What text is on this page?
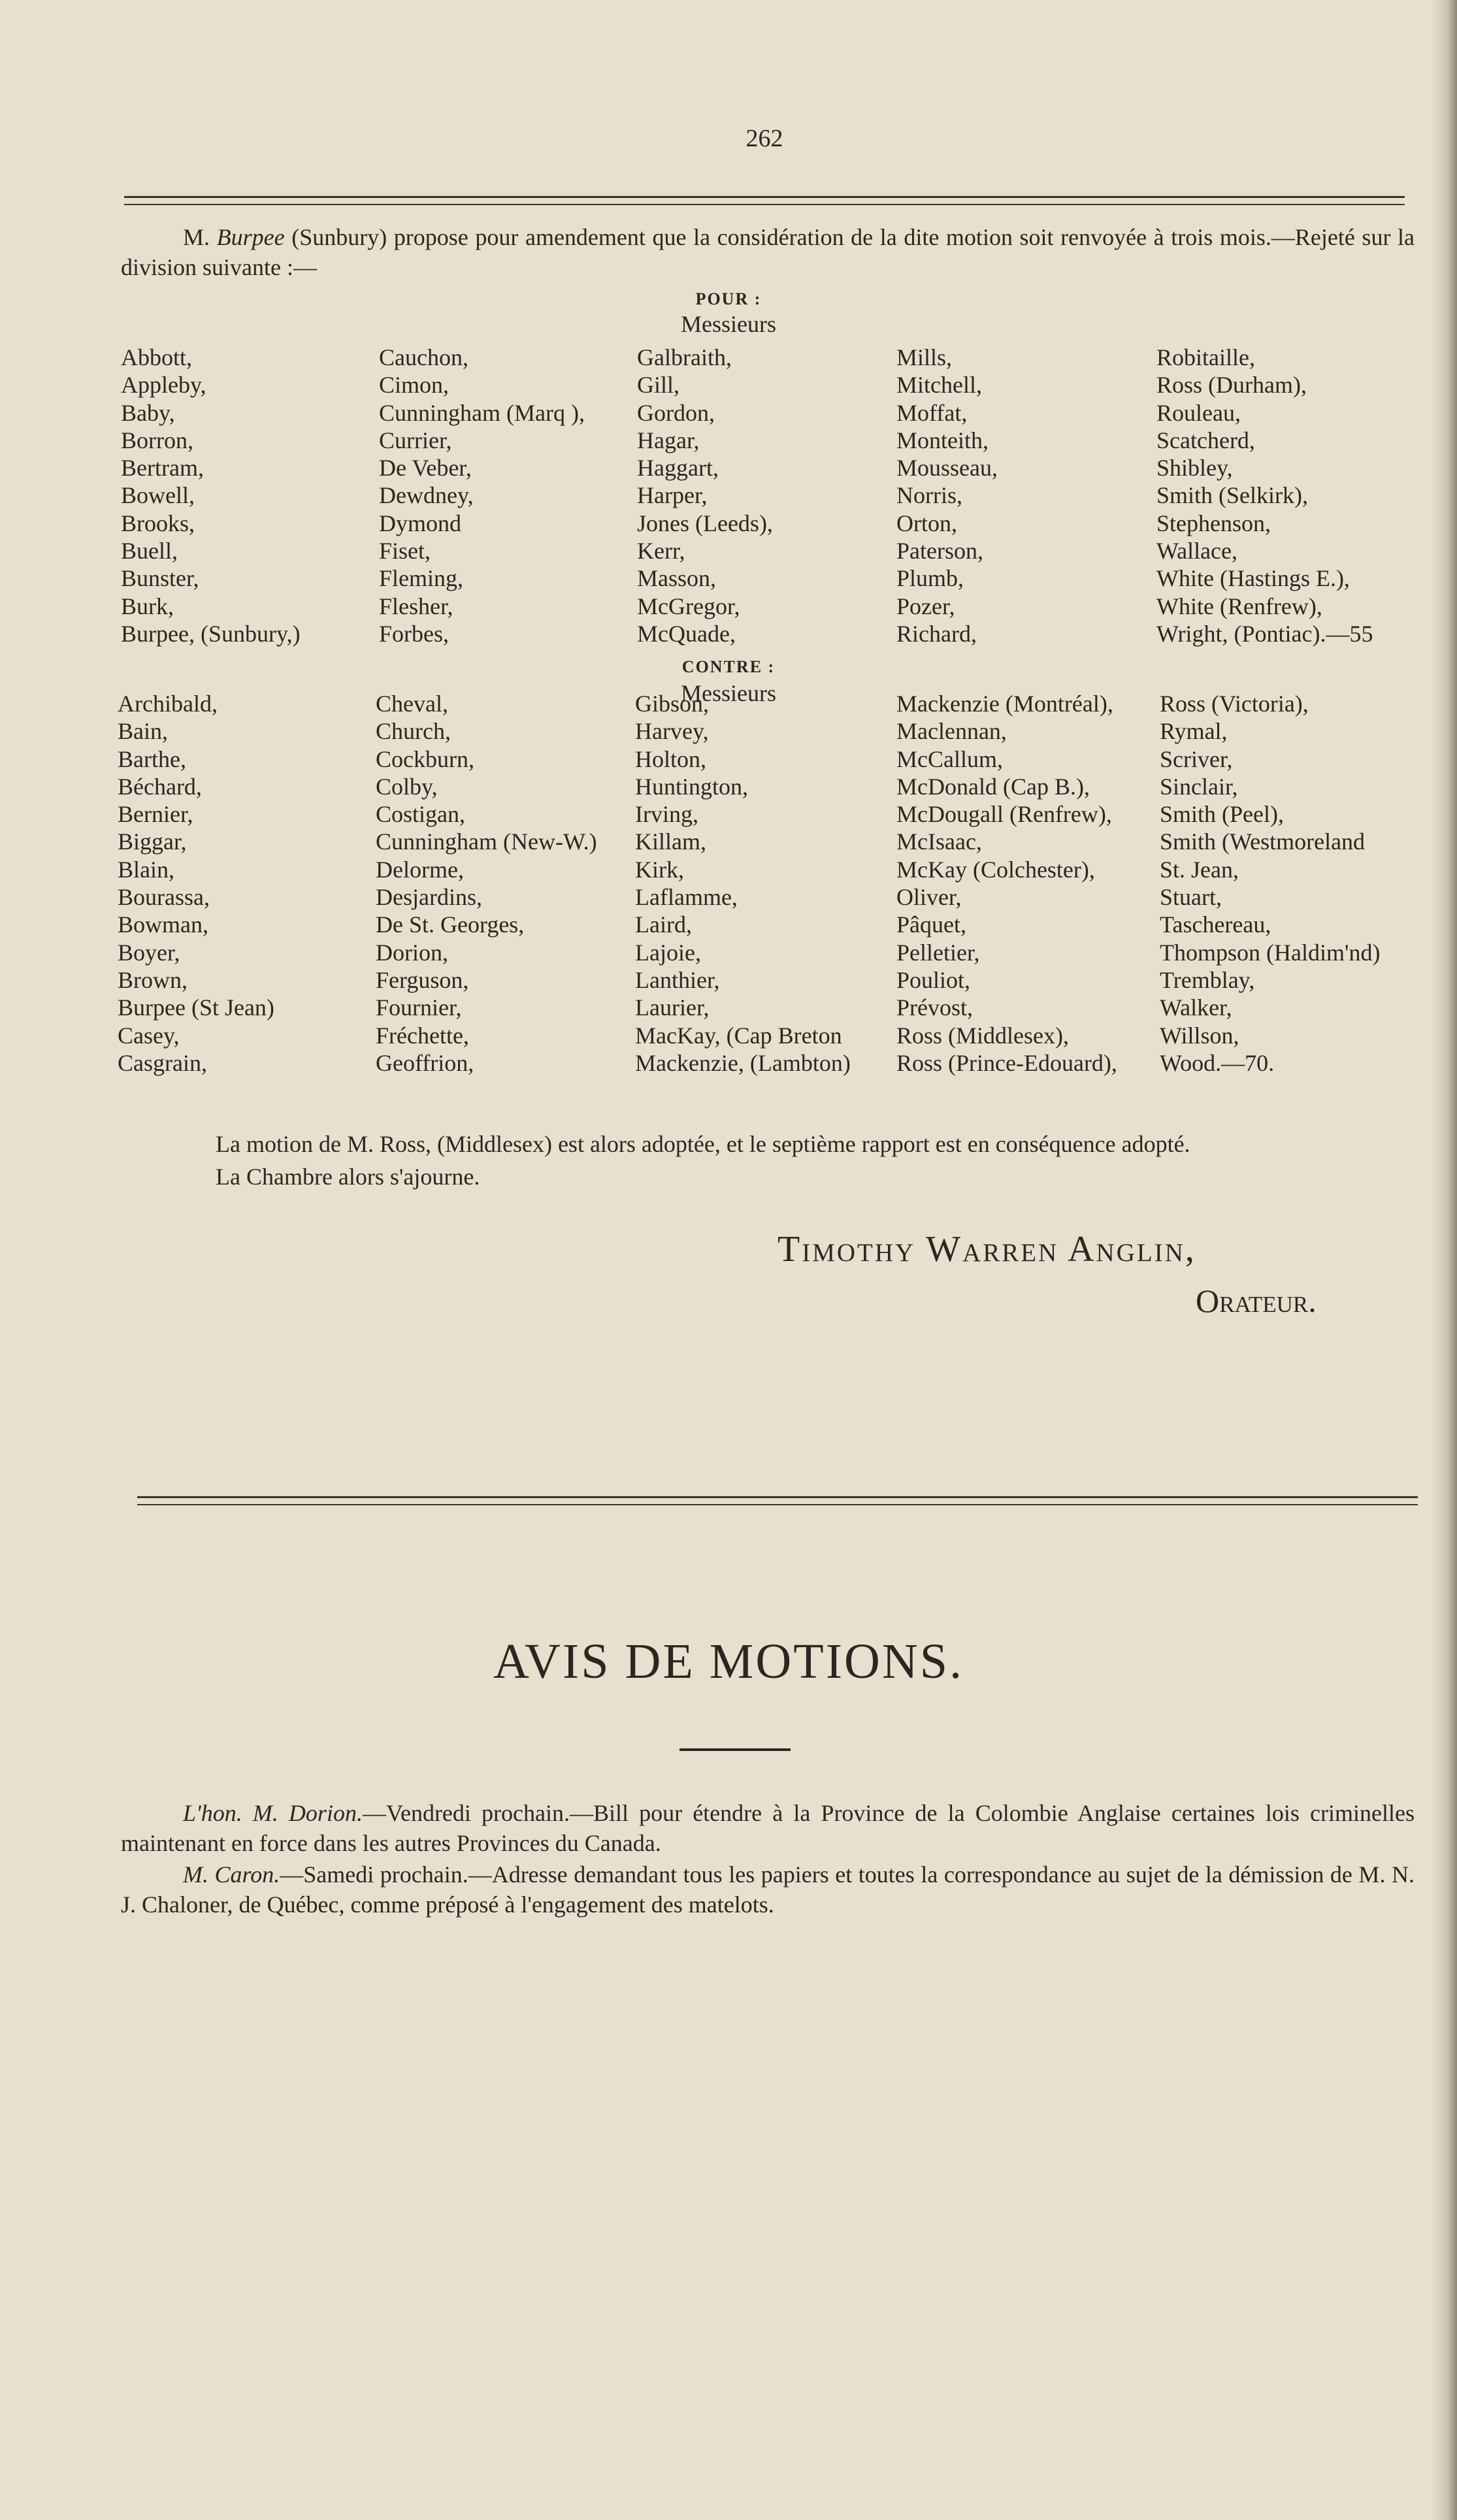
262
M. Burpee (Sunbury) propose pour amendement que la considération de la dite motion soit renvoyée à trois mois.—Rejeté sur la division suivante :—
POUR :
Messieurs
Abbott,
Appleby,
Baby,
Borron,
Bertram,
Bowell,
Brooks,
Buell,
Bunster,
Burk,
Burpee, (Sunbury,)
Cauchon,
Cimon,
Cunningham (Marq ),
Currier,
De Veber,
Dewdney,
Dymond
Fiset,
Fleming,
Flesher,
Forbes,
Galbraith,
Gill,
Gordon,
Hagar,
Haggart,
Harper,
Jones (Leeds),
Kerr,
Masson,
McGregor,
McQuade,
Mills,
Mitchell,
Moffat,
Monteith,
Mousseau,
Norris,
Orton,
Paterson,
Plumb,
Pozer,
Richard,
Robitaille,
Ross (Durham),
Rouleau,
Scatcherd,
Shibley,
Smith (Selkirk),
Stephenson,
Wallace,
White (Hastings E.),
White (Renfrew),
Wright, (Pontiac).—55
CONTRE :
Messieurs
Archibald,
Bain,
Barthe,
Béchard,
Bernier,
Biggar,
Blain,
Bourassa,
Bowman,
Boyer,
Brown,
Burpee (St Jean)
Casey,
Casgrain,
Cheval,
Church,
Cockburn,
Colby,
Costigan,
Cunningham (New-W.)
Delorme,
Desjardins,
De St. Georges,
Dorion,
Ferguson,
Fournier,
Fréchette,
Geoffrion,
Gibson,
Harvey,
Holton,
Huntington,
Irving,
Killam,
Kirk,
Laflamme,
Laird,
Lajoie,
Lanthier,
Laurier,
MacKay, (Cap Breton
Mackenzie, (Lambton)
Mackenzie (Montréal),
Maclennan,
McCallum,
McDonald (Cap B.),
McDougall (Renfrew),
McIsaac,
McKay (Colchester),
Oliver,
Pâquet,
Pelletier,
Pouliot,
Prévost,
Ross (Middlesex),
Ross (Prince-Edouard),
Ross (Victoria),
Rymal,
Scriver,
Sinclair,
Smith (Peel),
Smith (Westmoreland
St. Jean,
Stuart,
Taschereau,
Thompson (Haldim'nd)
Tremblay,
Walker,
Willson,
Wood.—70.
La motion de M. Ross, (Middlesex) est alors adoptée, et le septième rapport est en conséquence adopté.
La Chambre alors s'ajourne.
Timothy Warren Anglin,
Orateur.
AVIS DE MOTIONS.
L'hon. M. Dorion.—Vendredi prochain.—Bill pour étendre à la Province de la Colombie Anglaise certaines lois criminelles maintenant en force dans les autres Provinces du Canada.
M. Caron.—Samedi prochain.—Adresse demandant tous les papiers et toutes la correspondance au sujet de la démission de M. N. J. Chaloner, de Québec, comme préposé à l'engagement des matelots.
